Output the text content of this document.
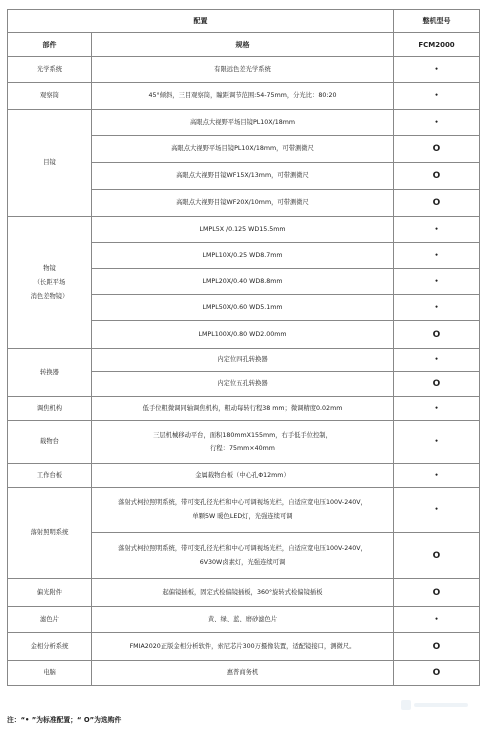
配置		整机型号
部件	规格	FCM2000
光学系统	有限远色差光学系统	•
观察筒	45°倾斜，三目观察筒，瞳距调节范围:54-75mm，分光比：80:20	•
目镜	高眼点大视野平场目镜PL10X/18mm	•
	高眼点大视野平场目镜PL10X/18mm，可带测微尺	O
	高眼点大视野目镜WF15X/13mm，可带测微尺	O
	高眼点大视野目镜WF20X/10mm，可带测微尺	O

物镜
（长距平场
消色差物镜）	LMPL5X /0.125 WD15.5mm	•
	LMPL10X/0.25 WD8.7mm	•
	LMPL20X/0.40 WD8.8mm	•
	LMPL50X/0.60 WD5.1mm	•
	LMPL100X/0.80 WD2.00mm	O
转换器	内定位四孔转换器	•
	内定位五孔转换器	O
调焦机构	低手位粗微调同轴调焦机构，粗动每转行程38 mm；微调精度0.02mm	•
载物台	三层机械移动平台，面积180mmX155mm，右手低手位控制，
行程：75mm×40mm	•
工作台板	金属载物台板（中心孔Φ12mm）	•
落射照明系统	落射式柯拉照明系统，带可变孔径光栏和中心可调视场光栏，自适应宽电压100V-240V，
单颗5W 暖色LED灯，光强连续可调	•

	落射式柯拉照明系统，带可变孔径光栏和中心可调视场光栏，自适应宽电压100V-240V，
6V30W卤素灯，光强连续可调	O
偏光附件	起偏镜插板，固定式检偏镜插板，360°旋转式检偏镜插板	O
滤色片	黄、绿、蓝、磨砂滤色片	•
金相分析系统	FMIA2020正版金相分析软件，索尼芯片300万摄像装置，适配镜接口，测微尺。	O
电脑	惠普商务机	O
注：“• ”为标准配置；“ O”为选购件
